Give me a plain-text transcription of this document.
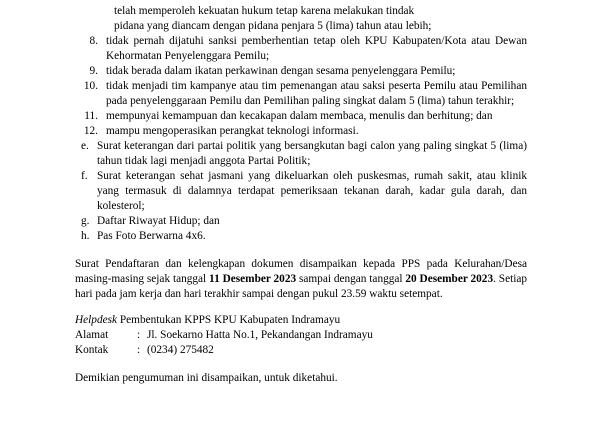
telah memperoleh kekuatan hukum tetap karena melakukan tindak
pidana yang diancam dengan pidana penjara 5 (lima) tahun atau lebih;
8. tidak pernah dijatuhi sanksi pemberhentian tetap oleh KPU Kabupaten/Kota atau Dewan Kehormatan Penyelenggara Pemilu;
9. tidak berada dalam ikatan perkawinan dengan sesama penyelenggara Pemilu;
10. tidak menjadi tim kampanye atau tim pemenangan atau saksi peserta Pemilu atau Pemilihan pada penyelenggaraan Pemilu dan Pemilihan paling singkat dalam 5 (lima) tahun terakhir;
11. mempunyai kemampuan dan kecakapan dalam membaca, menulis dan berhitung; dan
12. mampu mengoperasikan perangkat teknologi informasi.
e. Surat keterangan dari partai politik yang bersangkutan bagi calon yang paling singkat 5 (lima) tahun tidak lagi menjadi anggota Partai Politik;
f. Surat keterangan sehat jasmani yang dikeluarkan oleh puskesmas, rumah sakit, atau klinik yang termasuk di dalamnya terdapat pemeriksaan tekanan darah, kadar gula darah, dan kolesterol;
g. Daftar Riwayat Hidup; dan
h. Pas Foto Berwarna 4x6.

Surat Pendaftaran dan kelengkapan dokumen disampaikan kepada PPS pada Kelurahan/Desa masing-masing sejak tanggal 11 Desember 2023 sampai dengan tanggal 20 Desember 2023. Setiap hari pada jam kerja dan hari terakhir sampai dengan pukul 23.59 waktu setempat.

Helpdesk Pembentukan KPPS KPU Kabupaten Indramayu

Alamat	: Jl. Soekarno Hatta No.1, Pekandangan Indramayu
Kontak	: (0234) 275482

Demikian pengumuman ini disampaikan, untuk diketahui.
